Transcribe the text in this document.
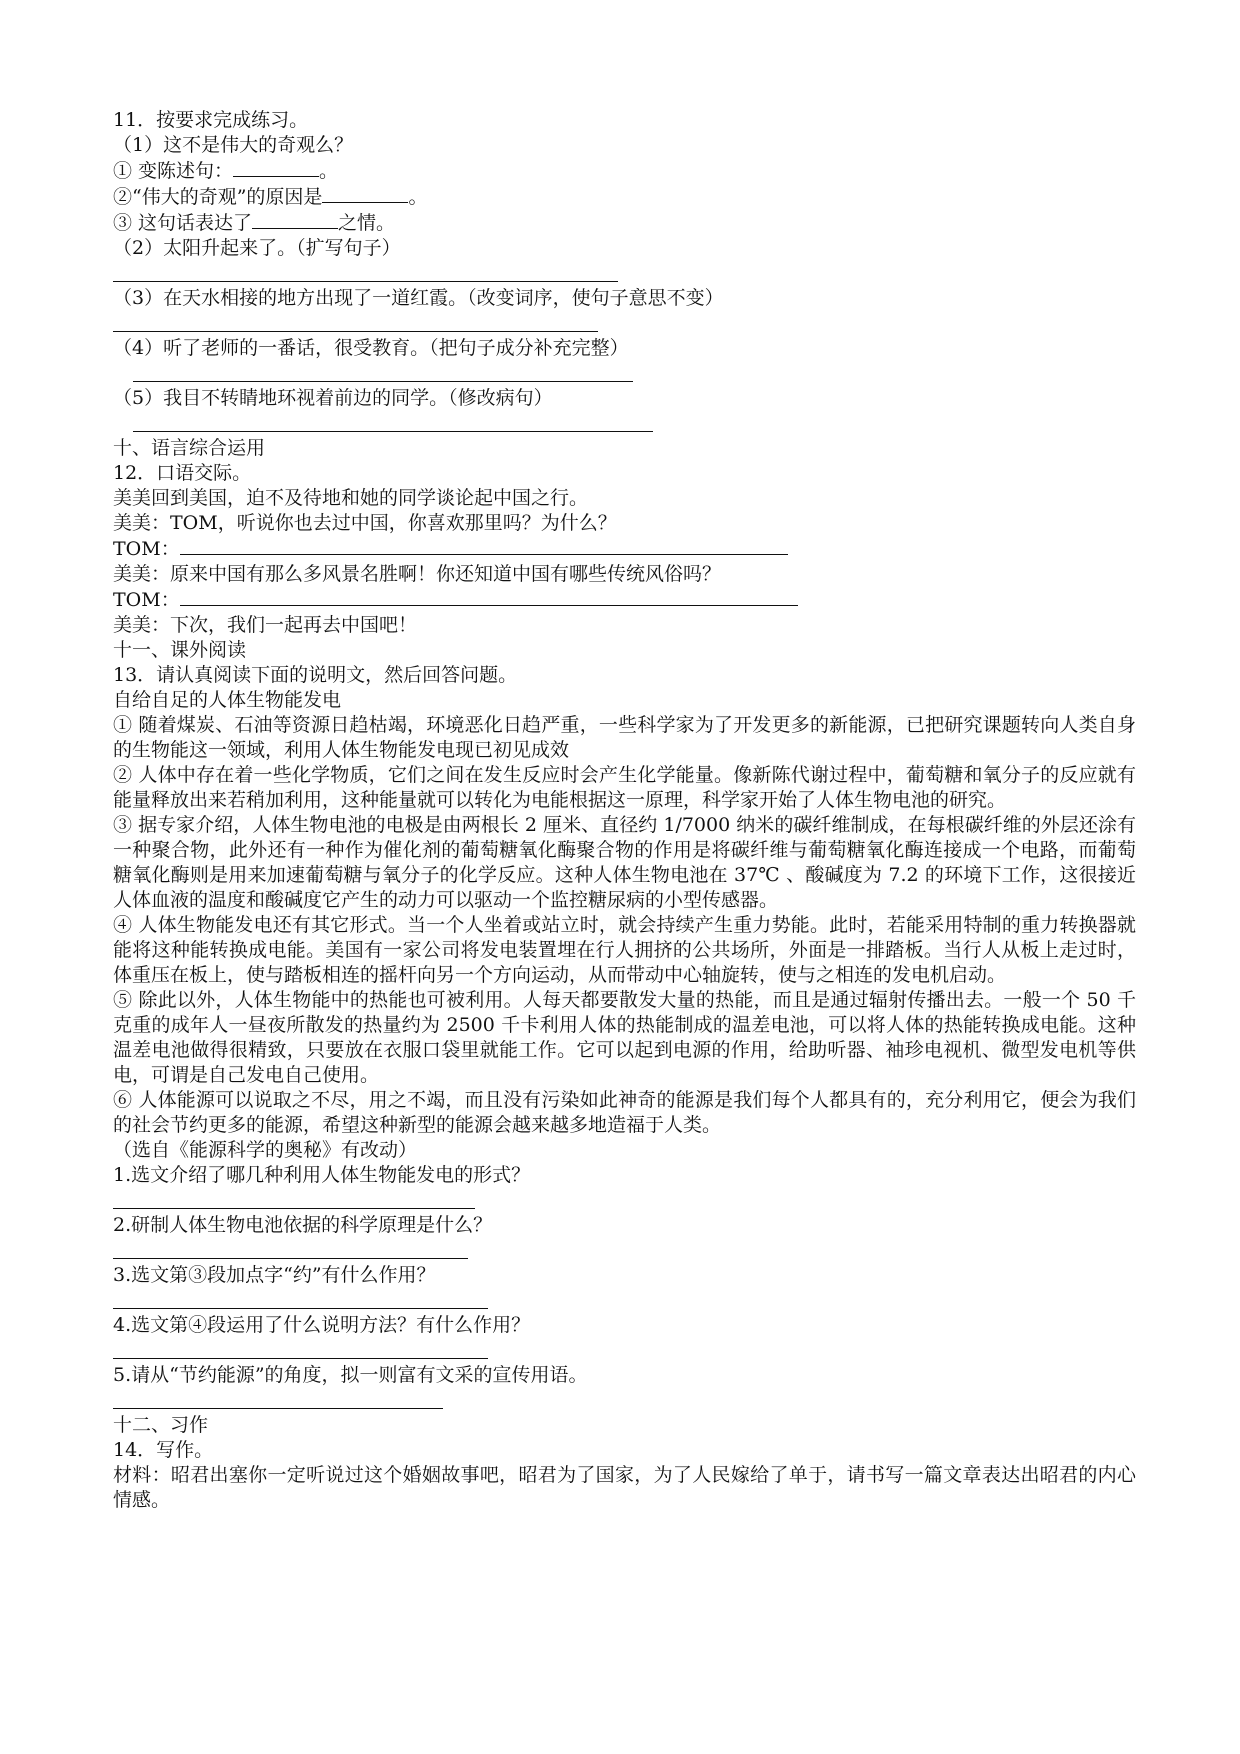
11．按要求完成练习。
（1）这不是伟大的奇观么？
① 变陈述句：	。
②“伟大的奇观”的原因是	。
③ 这句话表达了	之情。
（2）太阳升起来了。（扩写句子）
（3）在天水相接的地方出现了一道红霞。（改变词序，使句子意思不变）
（4）听了老师的一番话，很受教育。（把句子成分补充完整）
（5）我目不转睛地环视着前边的同学。（修改病句）
十、语言综合运用
12．口语交际。
美美回到美国，迫不及待地和她的同学谈论起中国之行。
美美：TOM，听说你也去过中国，你喜欢那里吗？为什么？
TOM：
美美：原来中国有那么多风景名胜啊！你还知道中国有哪些传统风俗吗？
TOM：
美美：下次，我们一起再去中国吧！
十一、课外阅读
13．请认真阅读下面的说明文，然后回答问题。
自给自足的人体生物能发电
① 随着煤炭、石油等资源日趋枯竭，环境恶化日趋严重，一些科学家为了开发更多的新能源，已把研究课题转向人类自身的生物能这一领域，利用人体生物能发电现已初见成效
② 人体中存在着一些化学物质，它们之间在发生反应时会产生化学能量。像新陈代谢过程中，葡萄糖和氧分子的反应就有能量释放出来若稍加利用，这种能量就可以转化为电能根据这一原理，科学家开始了人体生物电池的研究。
③ 据专家介绍，人体生物电池的电极是由两根长 2 厘米、直径约 1/7000 纳米的碳纤维制成，在每根碳纤维的外层还涂有一种聚合物，此外还有一种作为催化剂的葡萄糖氧化酶聚合物的作用是将碳纤维与葡萄糖氧化酶连接成一个电路，而葡萄糖氧化酶则是用来加速葡萄糖与氧分子的化学反应。这种人体生物电池在 37℃ 、酸碱度为 7.2 的环境下工作，这很接近人体血液的温度和酸碱度它产生的动力可以驱动一个监控糖尿病的小型传感器。
④ 人体生物能发电还有其它形式。当一个人坐着或站立时，就会持续产生重力势能。此时，若能采用特制的重力转换器就能将这种能转换成电能。美国有一家公司将发电装置埋在行人拥挤的公共场所，外面是一排踏板。当行人从板上走过时，体重压在板上，使与踏板相连的摇杆向另一个方向运动，从而带动中心轴旋转，使与之相连的发电机启动。
⑤ 除此以外，人体生物能中的热能也可被利用。人每天都要散发大量的热能，而且是通过辐射传播出去。一般一个 50 千克重的成年人一昼夜所散发的热量约为 2500 千卡利用人体的热能制成的温差电池，可以将人体的热能转换成电能。这种温差电池做得很精致，只要放在衣服口袋里就能工作。它可以起到电源的作用，给助听器、袖珍电视机、微型发电机等供电，可谓是自己发电自己使用。
⑥ 人体能源可以说取之不尽，用之不竭，而且没有污染如此神奇的能源是我们每个人都具有的，充分利用它，便会为我们的社会节约更多的能源，希望这种新型的能源会越来越多地造福于人类。
（选自《能源科学的奥秘》有改动）
1.选文介绍了哪几种利用人体生物能发电的形式？
2.研制人体生物电池依据的科学原理是什么？
3.选文第③段加点字“约”有什么作用？
4.选文第④段运用了什么说明方法？有什么作用？
5.请从“节约能源”的角度，拟一则富有文采的宣传用语。
十二、习作
14．写作。
材料：昭君出塞你一定听说过这个婚姻故事吧，昭君为了国家，为了人民嫁给了单于，请书写一篇文章表达出昭君的内心情感。
